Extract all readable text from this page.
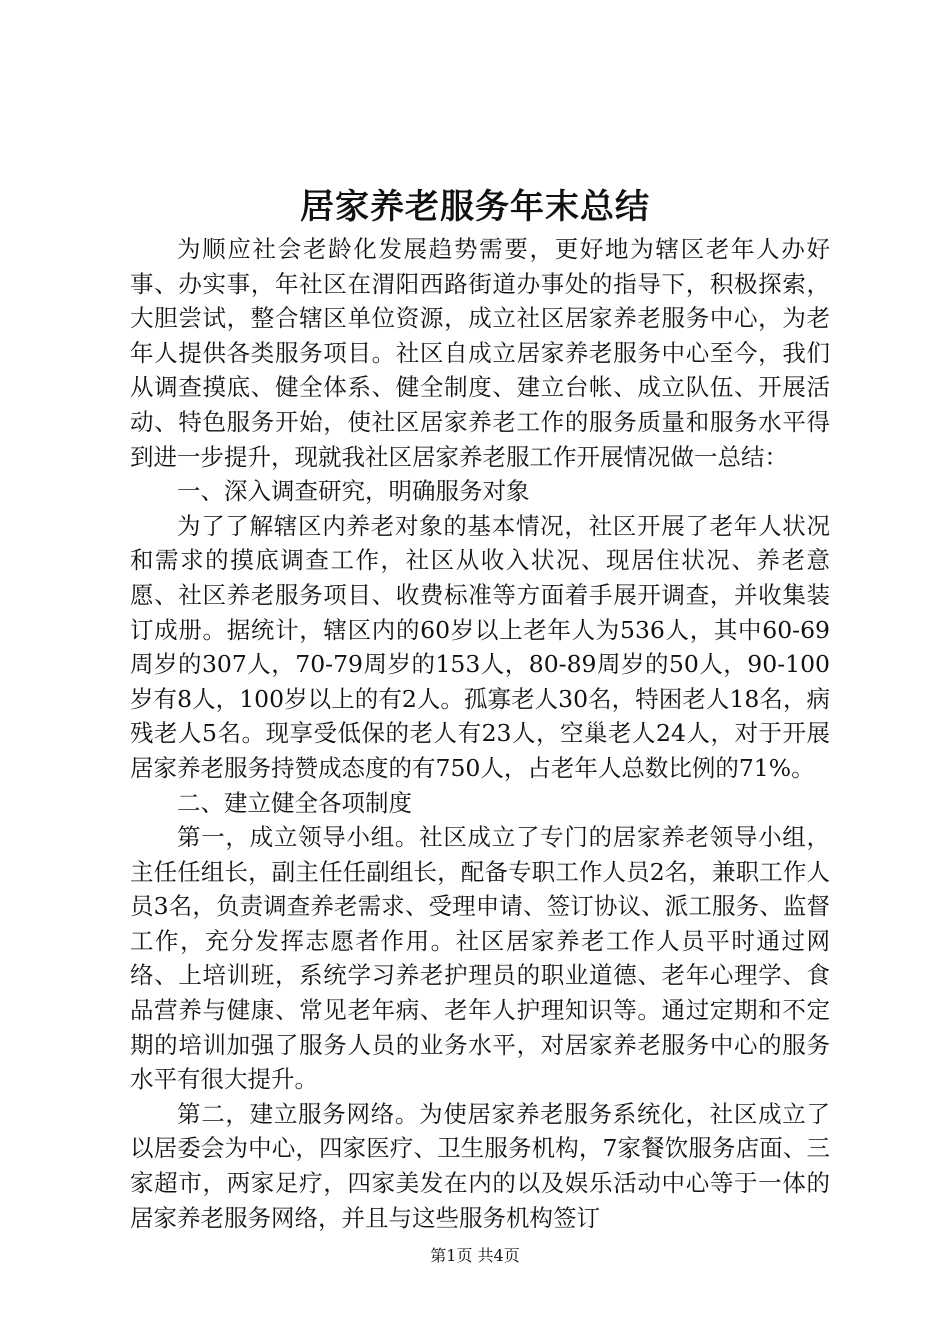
居家养老服务年末总结

为顺应社会老龄化发展趋势需要，更好地为辖区老年人办好事、办实事，年社区在渭阳西路街道办事处的指导下，积极探索，大胆尝试，整合辖区单位资源，成立社区居家养老服务中心，为老年人提供各类服务项目。社区自成立居家养老服务中心至今，我们从调查摸底、健全体系、健全制度、建立台帐、成立队伍、开展活动、特色服务开始，使社区居家养老工作的服务质量和服务水平得到进一步提升，现就我社区居家养老服工作开展情况做一总结：

一、深入调查研究，明确服务对象

为了了解辖区内养老对象的基本情况，社区开展了老年人状况和需求的摸底调查工作，社区从收入状况、现居住状况、养老意愿、社区养老服务项目、收费标准等方面着手展开调查，并收集装订成册。据统计，辖区内的60岁以上老年人为536人，其中60-69周岁的307人，70-79周岁的153人，80-89周岁的50人，90-100岁有8人，100岁以上的有2人。孤寡老人30名，特困老人18名，病残老人5名。现享受低保的老人有23人，空巢老人24人，对于开展居家养老服务持赞成态度的有750人，占老年人总数比例的71%。

二、建立健全各项制度

第一，成立领导小组。社区成立了专门的居家养老领导小组，主任任组长，副主任任副组长，配备专职工作人员2名，兼职工作人员3名，负责调查养老需求、受理申请、签订协议、派工服务、监督工作，充分发挥志愿者作用。社区居家养老工作人员平时通过网络、上培训班，系统学习养老护理员的职业道德、老年心理学、食品营养与健康、常见老年病、老年人护理知识等。通过定期和不定期的培训加强了服务人员的业务水平，对居家养老服务中心的服务水平有很大提升。

第二，建立服务网络。为使居家养老服务系统化，社区成立了以居委会为中心，四家医疗、卫生服务机构，7家餐饮服务店面、三家超市，两家足疗，四家美发在内的以及娱乐活动中心等于一体的居家养老服务网络，并且与这些服务机构签订

第1页 共4页
